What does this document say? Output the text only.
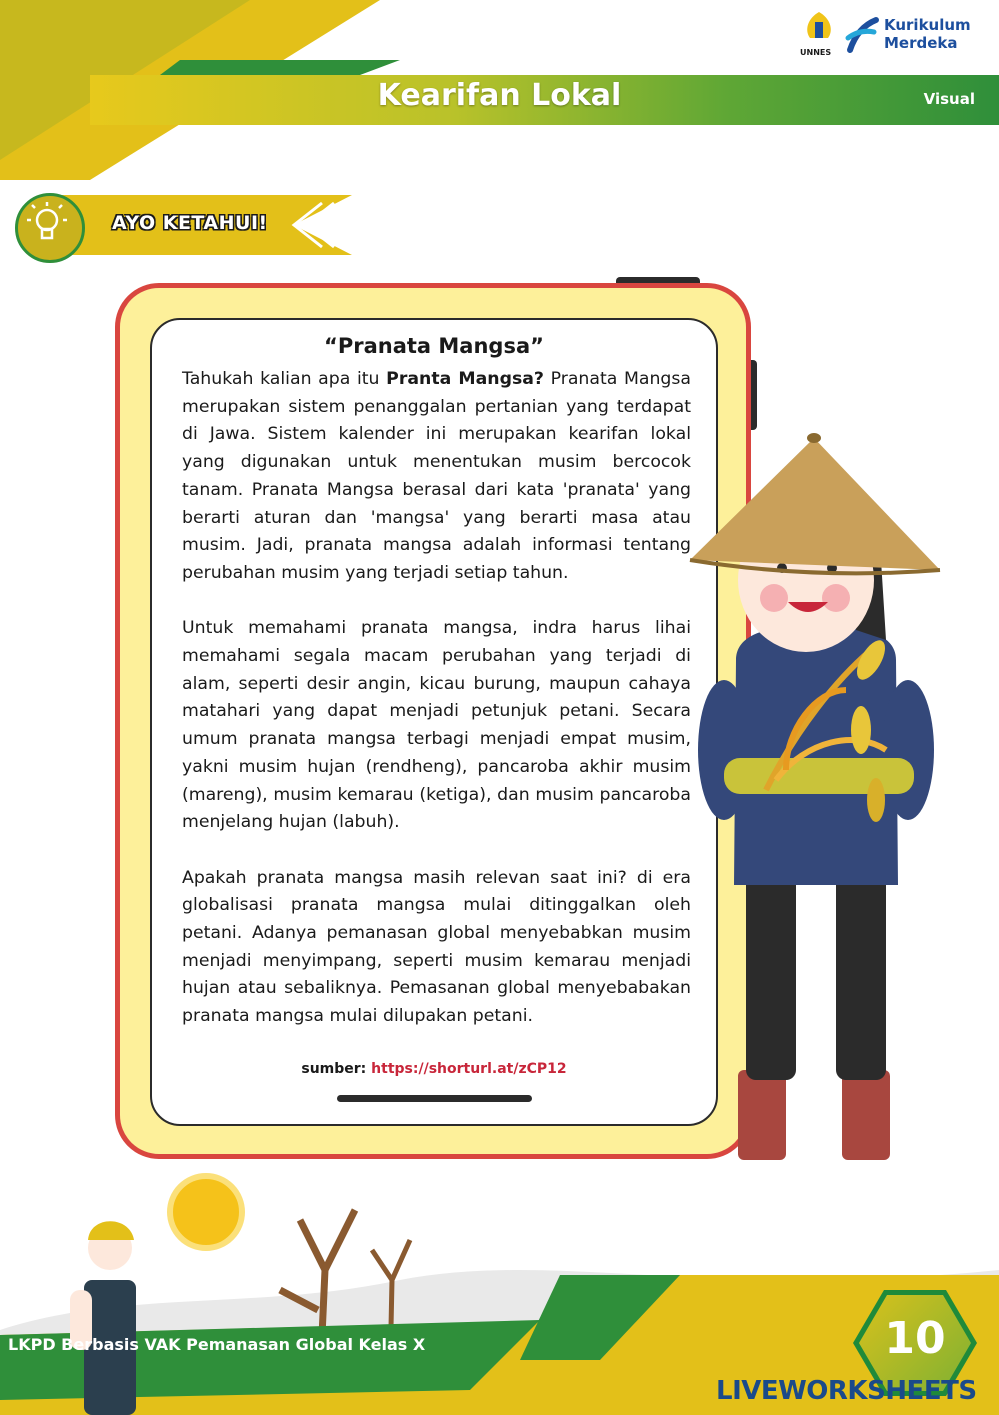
Kearifan Lokal	Visual
UNNES
Kurikulum
Merdeka
AYO KETAHUI!
“Pranata Mangsa”

Tahukah kalian apa itu Pranta Mangsa? Pranata Mangsa merupakan sistem penanggalan pertanian yang terdapat di Jawa. Sistem kalender ini merupakan kearifan lokal yang digunakan untuk menentukan musim bercocok tanam. Pranata Mangsa berasal dari kata 'pranata' yang berarti aturan dan 'mangsa' yang berarti masa atau musim. Jadi, pranata mangsa adalah informasi tentang perubahan musim yang terjadi setiap tahun.

Untuk memahami pranata mangsa, indra harus lihai memahami segala macam perubahan yang terjadi di alam, seperti desir angin, kicau burung, maupun cahaya matahari yang dapat menjadi petunjuk petani. Secara umum pranata mangsa terbagi menjadi empat musim, yakni musim hujan (rendheng), pancaroba akhir musim (mareng), musim kemarau (ketiga), dan musim pancaroba menjelang hujan (labuh).

Apakah pranata mangsa masih relevan saat ini? di era globalisasi pranata mangsa mulai ditinggalkan oleh petani. Adanya pemanasan global menyebabkan musim menjadi menyimpang, seperti musim kemarau menjadi hujan atau sebaliknya. Pemasanan global menyebabakan pranata mangsa mulai dilupakan petani.

sumber: https://shorturl.at/zCP12
LKPD Berbasis VAK Pemanasan Global Kelas X	10
LIVEWORKSHEETS
